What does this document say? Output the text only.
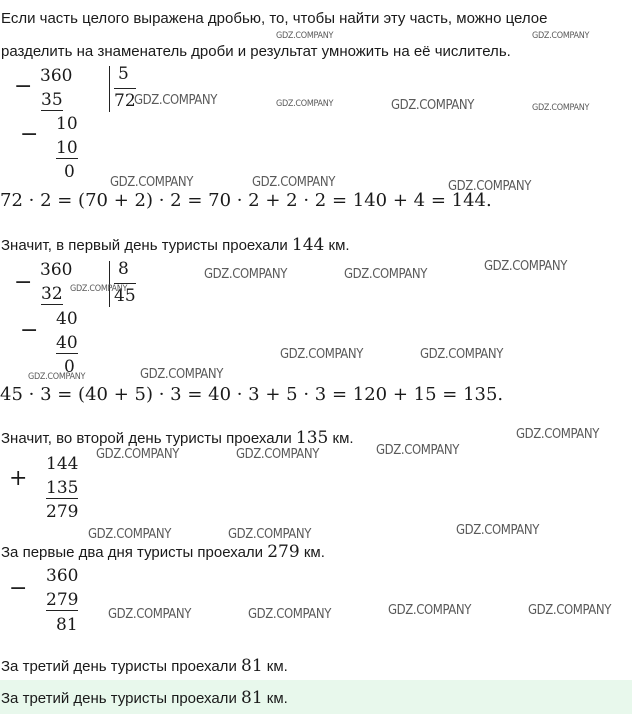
Если часть целого выражена дробью, то, чтобы найти эту часть, можно целое
разделить на знаменатель дроби и результат умножить на её числитель.
− 360
35
− 10
10
0
5
72
72 · 2 = (70 + 2) · 2 = 70 · 2 + 2 · 2 = 140 + 4 = 144.
Значит, в первый день туристы проехали 144 км.
− 360
32
− 40
40
0
8
45
45 · 3 = (40 + 5) · 3 = 40 · 3 + 5 · 3 = 120 + 15 = 135.
Значит, во второй день туристы проехали 135 км.
+
144
135
279
За первые два дня туристы проехали 279 км.
− 360
279
81
За третий день туристы проехали 81 км.
За третий день туристы проехали 81 км.
GDZ.COMPANY	GDZ.COMPANY
GDZ.COMPANY	GDZ.COMPANY	GDZ.COMPANY	GDZ.COMPANY
GDZ.COMPANY	GDZ.COMPANY	GDZ.COMPANY
GDZ.COMPANY
GDZ.COMPANY	GDZ.COMPANY
GDZ.COMPANY
GDZ.COMPANY	GDZ.COMPANY
GDZ.COMPANY	GDZ.COMPANY
GDZ.COMPANY
GDZ.COMPANY	GDZ.COMPANY	GDZ.COMPANY
GDZ.COMPANY	GDZ.COMPANY	GDZ.COMPANY
GDZ.COMPANY	GDZ.COMPANY	GDZ.COMPANY	GDZ.COMPANY
